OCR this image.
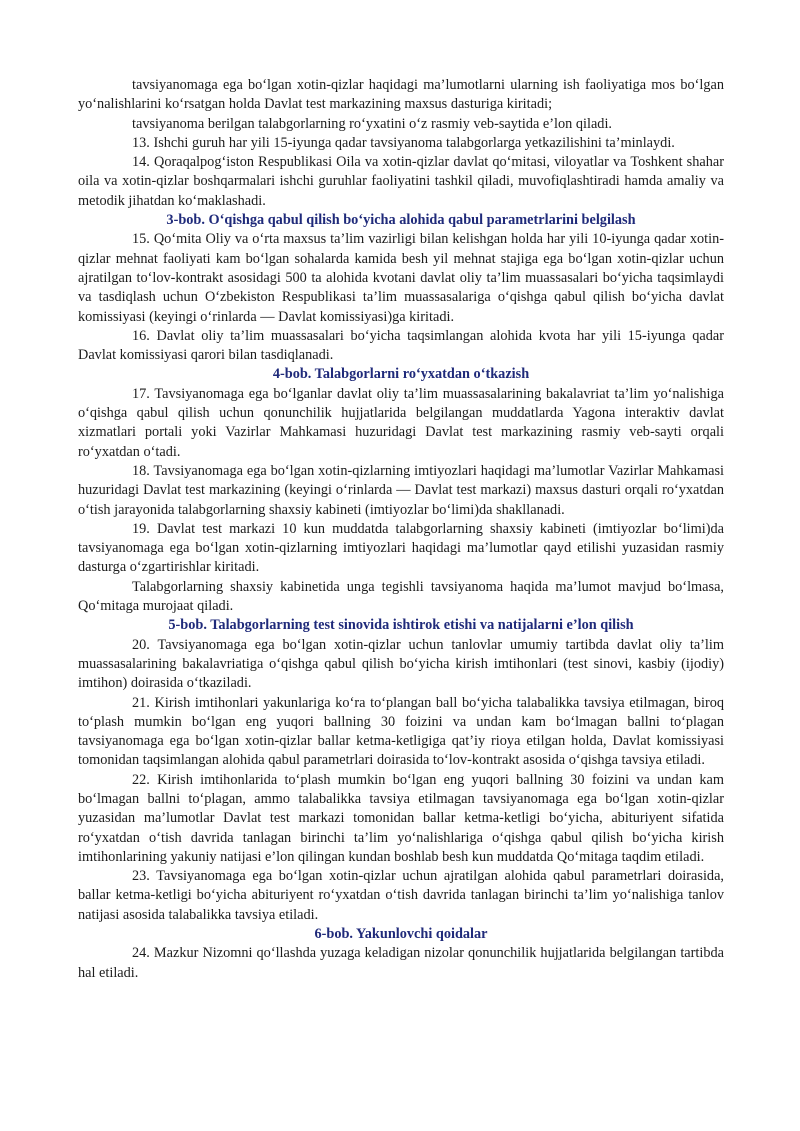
tavsiyanomaga ega bo‘lgan xotin-qizlar haqidagi ma’lumotlarni ularning ish faoliyatiga mos bo‘lgan yo‘nalishlarini ko‘rsatgan holda Davlat test markazining maxsus dasturiga kiritadi;

tavsiyanoma berilgan talabgorlarning ro‘yxatini o‘z rasmiy veb-saytida e’lon qiladi.

13. Ishchi guruh har yili 15-iyunga qadar tavsiyanoma talabgorlarga yetkazilishini ta’minlaydi.

14. Qoraqalpog‘iston Respublikasi Oila va xotin-qizlar davlat qo‘mitasi, viloyatlar va Toshkent shahar oila va xotin-qizlar boshqarmalari ishchi guruhlar faoliyatini tashkil qiladi, muvofiqlashtiradi hamda amaliy va metodik jihatdan ko‘maklashadi.

3-bob. O‘qishga qabul qilish bo‘yicha alohida qabul parametrlarini belgilash

15. Qo‘mita Oliy va o‘rta maxsus ta’lim vazirligi bilan kelishgan holda har yili 10-iyunga qadar xotin-qizlar mehnat faoliyati kam bo‘lgan sohalarda kamida besh yil mehnat stajiga ega bo‘lgan xotin-qizlar uchun ajratilgan to‘lov-kontrakt asosidagi 500 ta alohida kvotani davlat oliy ta’lim muassasalari bo‘yicha taqsimlaydi va tasdiqlash uchun O‘zbekiston Respublikasi ta’lim muassasalariga o‘qishga qabul qilish bo‘yicha davlat komissiyasi (keyingi o‘rinlarda — Davlat komissiyasi)ga kiritadi.

16. Davlat oliy ta’lim muassasalari bo‘yicha taqsimlangan alohida kvota har yili 15-iyunga qadar Davlat komissiyasi qarori bilan tasdiqlanadi.

4-bob. Talabgorlarni ro‘yxatdan o‘tkazish

17. Tavsiyanomaga ega bo‘lganlar davlat oliy ta’lim muassasalarining bakalavriat ta’lim yo‘nalishiga o‘qishga qabul qilish uchun qonunchilik hujjatlarida belgilangan muddatlarda Yagona interaktiv davlat xizmatlari portali yoki Vazirlar Mahkamasi huzuridagi Davlat test markazining rasmiy veb-sayti orqali ro‘yxatdan o‘tadi.

18. Tavsiyanomaga ega bo‘lgan xotin-qizlarning imtiyozlari haqidagi ma’lumotlar Vazirlar Mahkamasi huzuridagi Davlat test markazining (keyingi o‘rinlarda — Davlat test markazi) maxsus dasturi orqali ro‘yxatdan o‘tish jarayonida talabgorlarning shaxsiy kabineti (imtiyozlar bo‘limi)da shakllanadi.

19. Davlat test markazi 10 kun muddatda talabgorlarning shaxsiy kabineti (imtiyozlar bo‘limi)da tavsiyanomaga ega bo‘lgan xotin-qizlarning imtiyozlari haqidagi ma’lumotlar qayd etilishi yuzasidan rasmiy dasturga o‘zgartirishlar kiritadi.

Talabgorlarning shaxsiy kabinetida unga tegishli tavsiyanoma haqida ma’lumot mavjud bo‘lmasa, Qo‘mitaga murojaat qiladi.

5-bob. Talabgorlarning test sinovida ishtirok etishi va natijalarni e’lon qilish

20. Tavsiyanomaga ega bo‘lgan xotin-qizlar uchun tanlovlar umumiy tartibda davlat oliy ta’lim muassasalarining bakalavriatiga o‘qishga qabul qilish bo‘yicha kirish imtihonlari (test sinovi, kasbiy (ijodiy) imtihon) doirasida o‘tkaziladi.

21. Kirish imtihonlari yakunlariga ko‘ra to‘plangan ball bo‘yicha talabalikka tavsiya etilmagan, biroq to‘plash mumkin bo‘lgan eng yuqori ballning 30 foizini va undan kam bo‘lmagan ballni to‘plagan tavsiyanomaga ega bo‘lgan xotin-qizlar ballar ketma-ketligiga qat’iy rioya etilgan holda, Davlat komissiyasi tomonidan taqsimlangan alohida qabul parametrlari doirasida to‘lov-kontrakt asosida o‘qishga tavsiya etiladi.

22. Kirish imtihonlarida to‘plash mumkin bo‘lgan eng yuqori ballning 30 foizini va undan kam bo‘lmagan ballni to‘plagan, ammo talabalikka tavsiya etilmagan tavsiyanomaga ega bo‘lgan xotin-qizlar yuzasidan ma’lumotlar Davlat test markazi tomonidan ballar ketma-ketligi bo‘yicha, abituriyent sifatida ro‘yxatdan o‘tish davrida tanlagan birinchi ta’lim yo‘nalishlariga o‘qishga qabul qilish bo‘yicha kirish imtihonlarining yakuniy natijasi e’lon qilingan kundan boshlab besh kun muddatda Qo‘mitaga taqdim etiladi.

23. Tavsiyanomaga ega bo‘lgan xotin-qizlar uchun ajratilgan alohida qabul parametrlari doirasida, ballar ketma-ketligi bo‘yicha abituriyent ro‘yxatdan o‘tish davrida tanlagan birinchi ta’lim yo‘nalishiga tanlov natijasi asosida talabalikka tavsiya etiladi.

6-bob. Yakunlovchi qoidalar

24. Mazkur Nizomni qo‘llashda yuzaga keladigan nizolar qonunchilik hujjatlarida belgilangan tartibda hal etiladi.
